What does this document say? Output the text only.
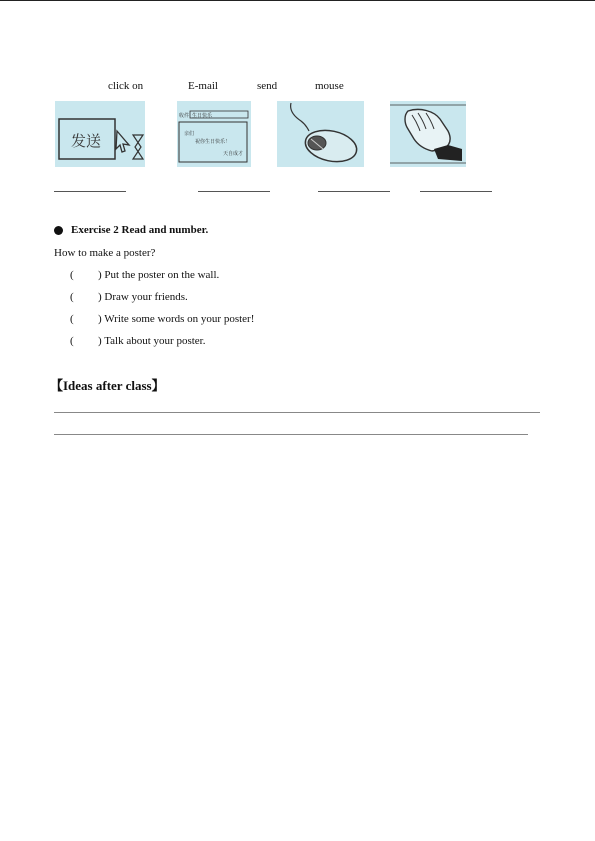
click on	E-mail	send	mouse
发送
收件 生日快乐
亲们
祝你生日快乐！
天自成才
Exercise 2 Read and number.
How to make a poster?
(	) Put the poster on the wall.
(	) Draw your friends.
(	) Write some words on your poster!
(	) Talk about your poster.
【Ideas after class】
